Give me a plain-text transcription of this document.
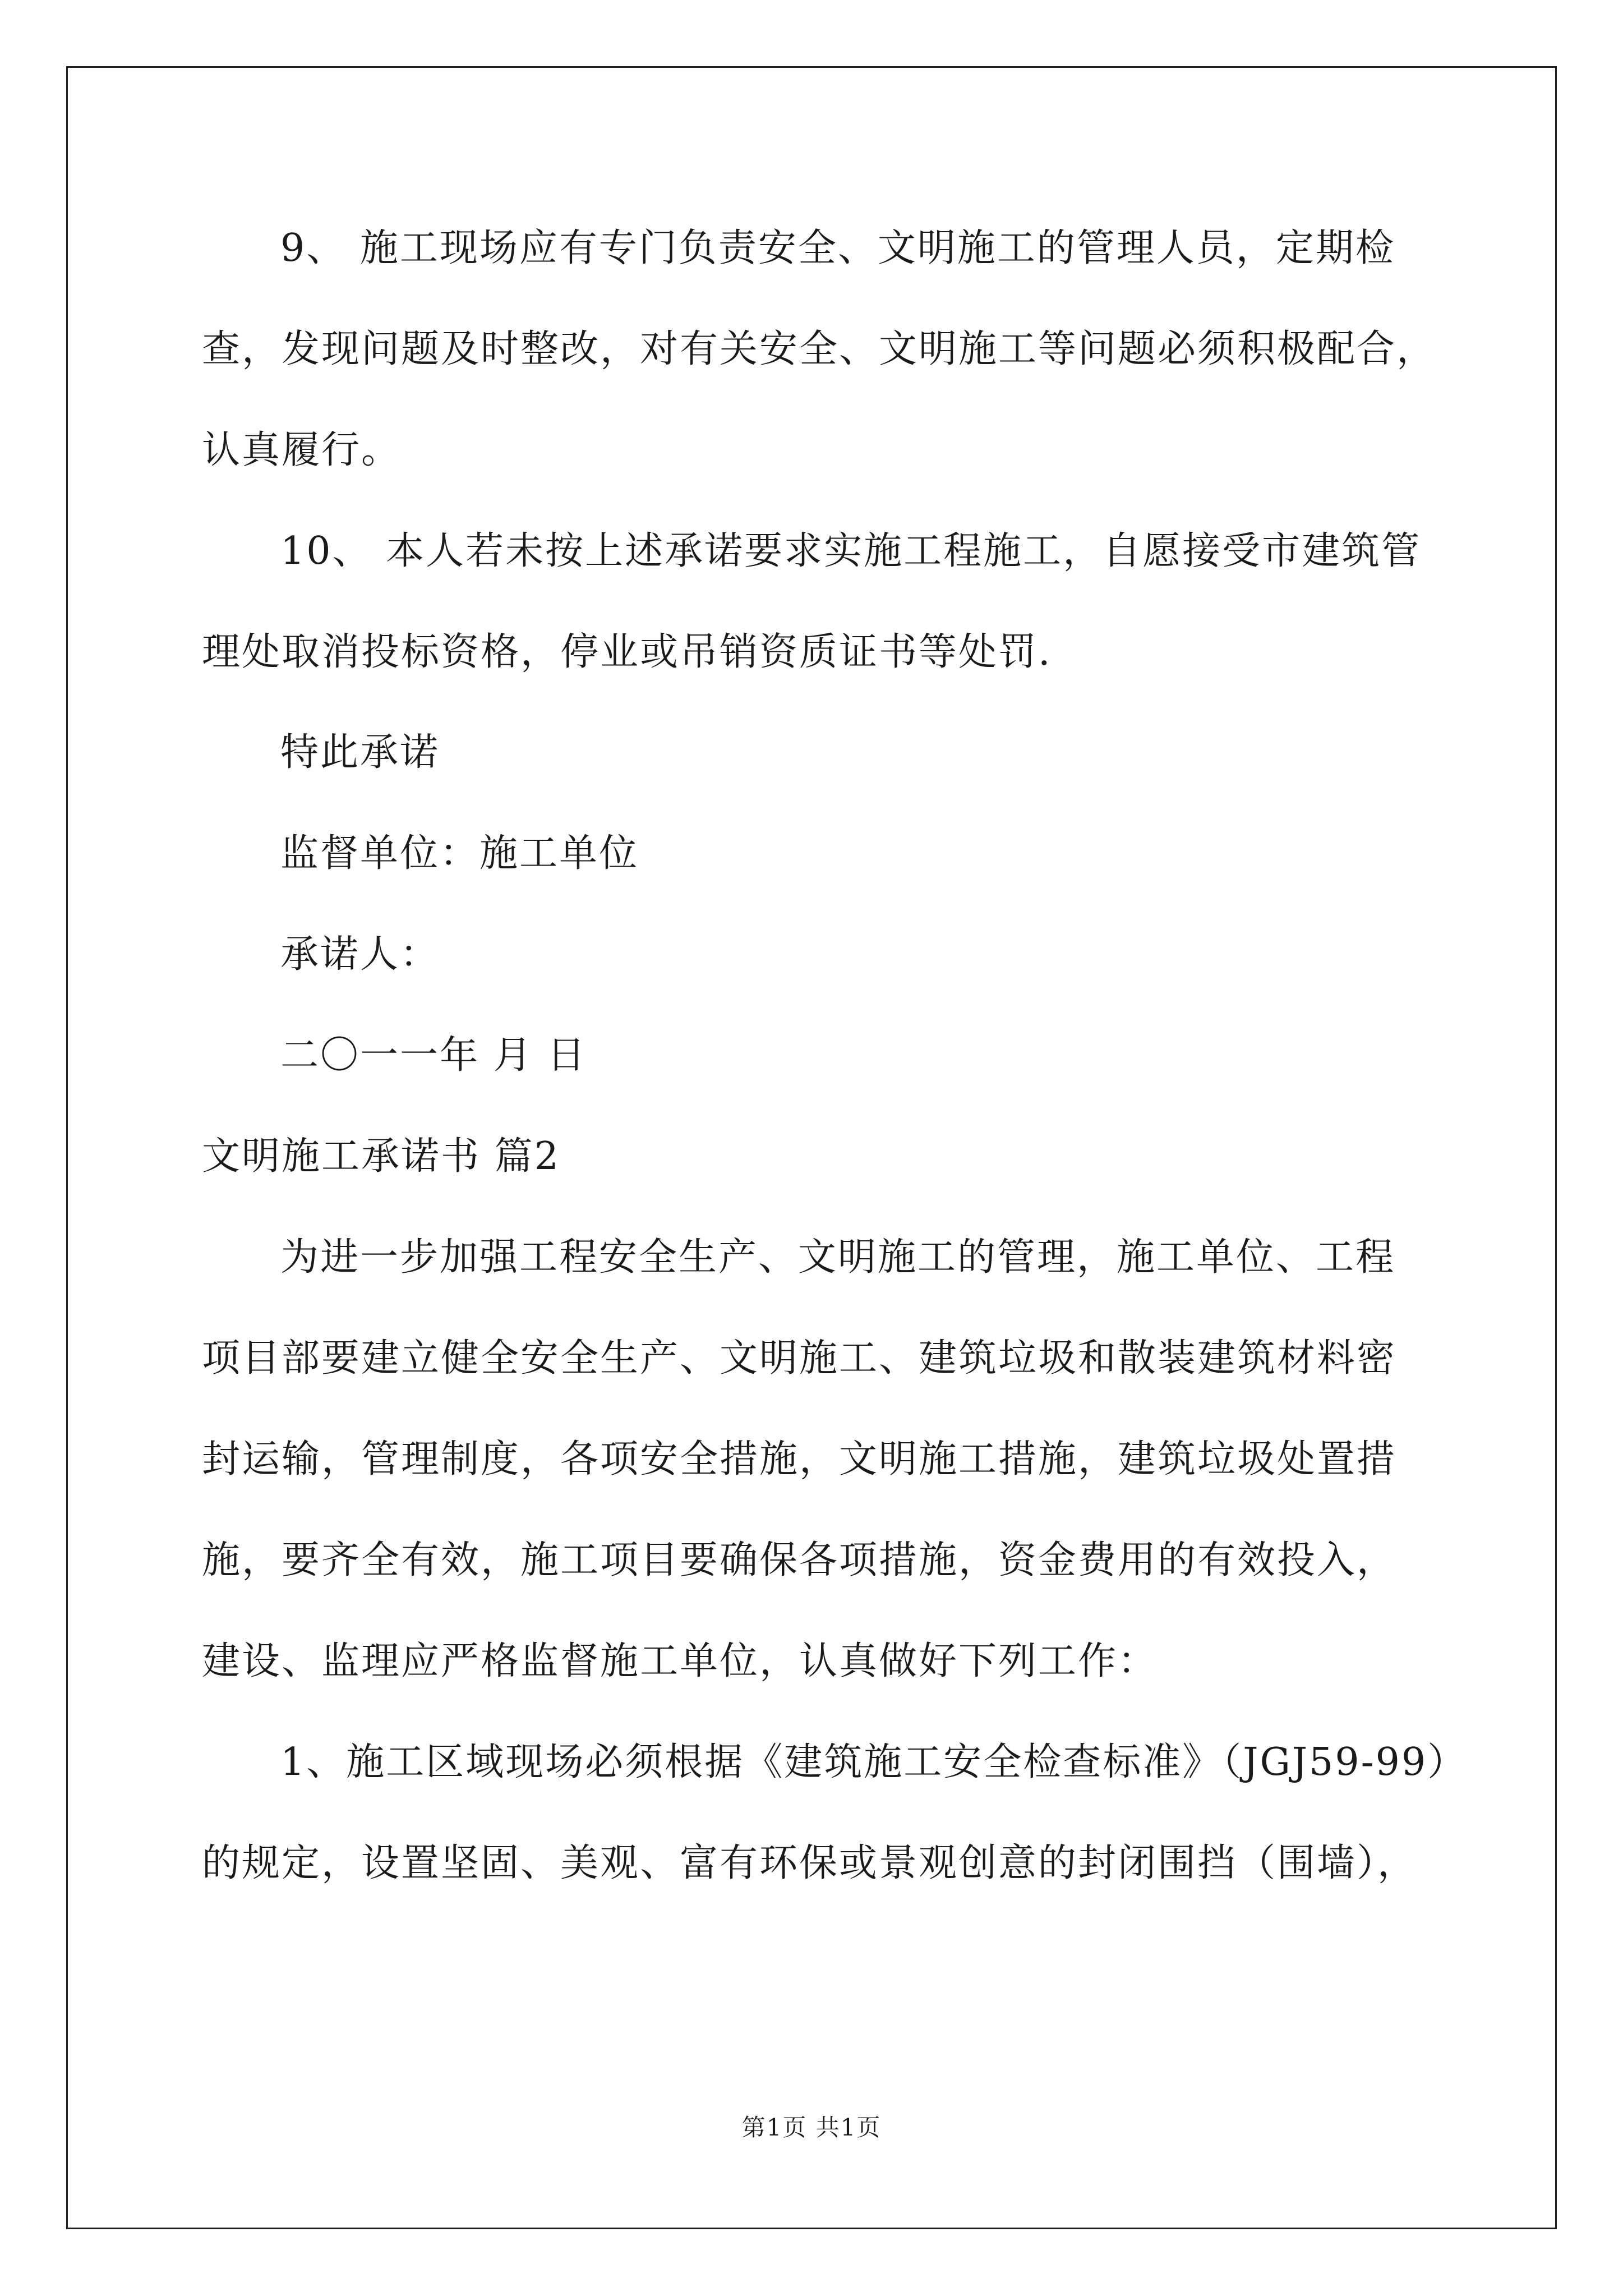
9、 施工现场应有专门负责安全、文明施工的管理人员，定期检
查，发现问题及时整改，对有关安全、文明施工等问题必须积极配合，
认真履行。
10、 本人若未按上述承诺要求实施工程施工，自愿接受市建筑管
理处取消投标资格，停业或吊销资质证书等处罚.
特此承诺
监督单位：施工单位
承诺人：
二〇一一年 月 日
文明施工承诺书 篇2
为进一步加强工程安全生产、文明施工的管理，施工单位、工程
项目部要建立健全安全生产、文明施工、建筑垃圾和散装建筑材料密
封运输，管理制度，各项安全措施，文明施工措施，建筑垃圾处置措
施，要齐全有效，施工项目要确保各项措施，资金费用的有效投入，
建设、监理应严格监督施工单位，认真做好下列工作：
1、施工区域现场必须根据《建筑施工安全检查标准》（JGJ59-99）
的规定，设置坚固、美观、富有环保或景观创意的封闭围挡（围墙），
第1页 共1页
